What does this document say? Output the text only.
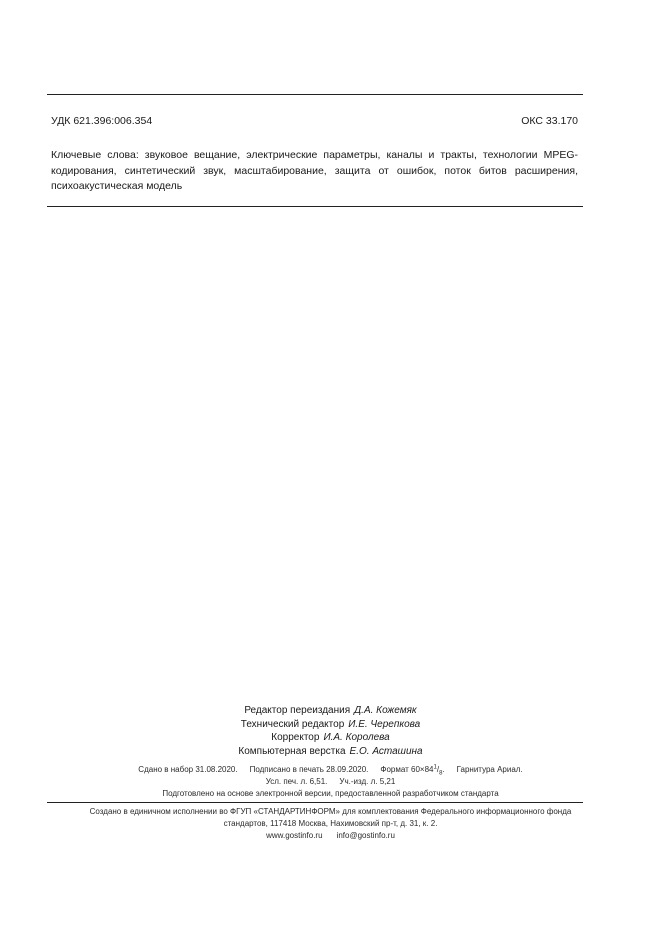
УДК 621.396:006.354	ОКС 33.170
Ключевые слова: звуковое вещание, электрические параметры, каналы и тракты, технологии MPEG-кодирования, синтетический звук, масштабирование, защита от ошибок, поток битов расширения, психоакустическая модель
Редактор переиздания Д.А. Кожемяк
Технический редактор И.Е. Черепкова
Корректор И.А. Королева
Компьютерная верстка Е.О. Асташина
Сдано в набор 31.08.2020. Подписано в печать 28.09.2020. Формат $60\times 84^1/_8$. Гарнитура Ариал.
Усл. печ. л. 6,51. Уч.-изд. л. 5,21
Подготовлено на основе электронной версии, предоставленной разработчиком стандарта
Создано в единичном исполнении во ФГУП «СТАНДАРТИНФОРМ» для комплектования Федерального информационного фонда
стандартов, 117418 Москва, Нахимовский пр-т, д. 31, к. 2.
www.gostinfo.ru info@gostinfo.ru
